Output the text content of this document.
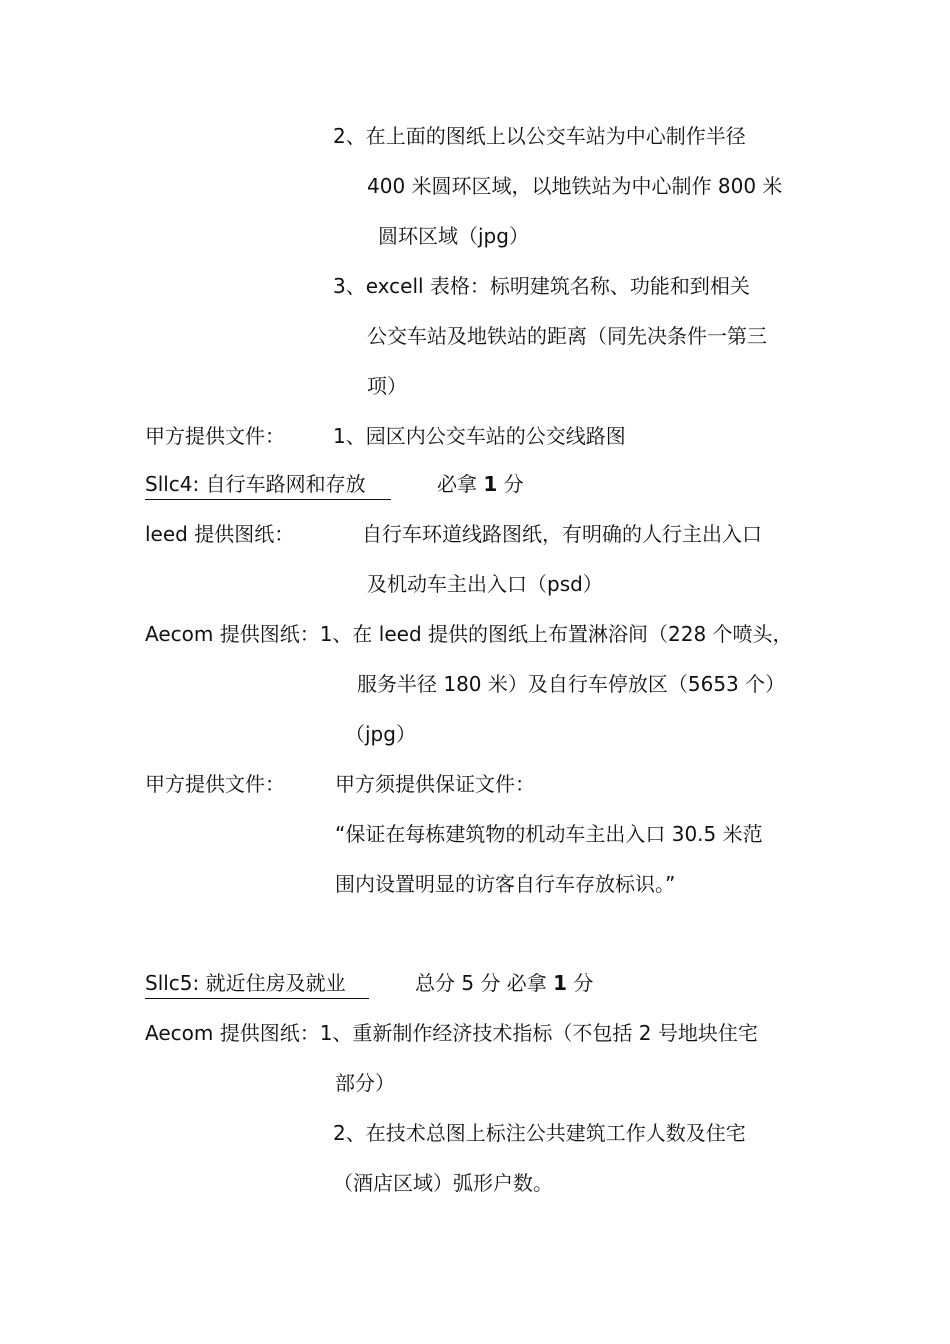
2、在上面的图纸上以公交车站为中心制作半径
400 米圆环区域，以地铁站为中心制作 800 米
圆环区域（jpg）
3、excell 表格：标明建筑名称、功能和到相关
公交车站及地铁站的距离（同先决条件一第三
项）
甲方提供文件： 1、园区内公交车站的公交线路图
Sllc4: 自行车路网和存放	必拿 1 分
leed 提供图纸：	自行车环道线路图纸，有明确的人行主出入口
及机动车主出入口（psd）
Aecom 提供图纸：1、在 leed 提供的图纸上布置淋浴间（228 个喷头，
服务半径 180 米）及自行车停放区（5653 个）
（jpg）
甲方提供文件：	甲方须提供保证文件：
“保证在每栋建筑物的机动车主出入口 30.5 米范
围内设置明显的访客自行车存放标识。”
Sllc5: 就近住房及就业	总分 5 分 必拿 1 分
Aecom 提供图纸：1、重新制作经济技术指标（不包括 2 号地块住宅
部分）
2、在技术总图上标注公共建筑工作人数及住宅
（酒店区域）弧形户数。
